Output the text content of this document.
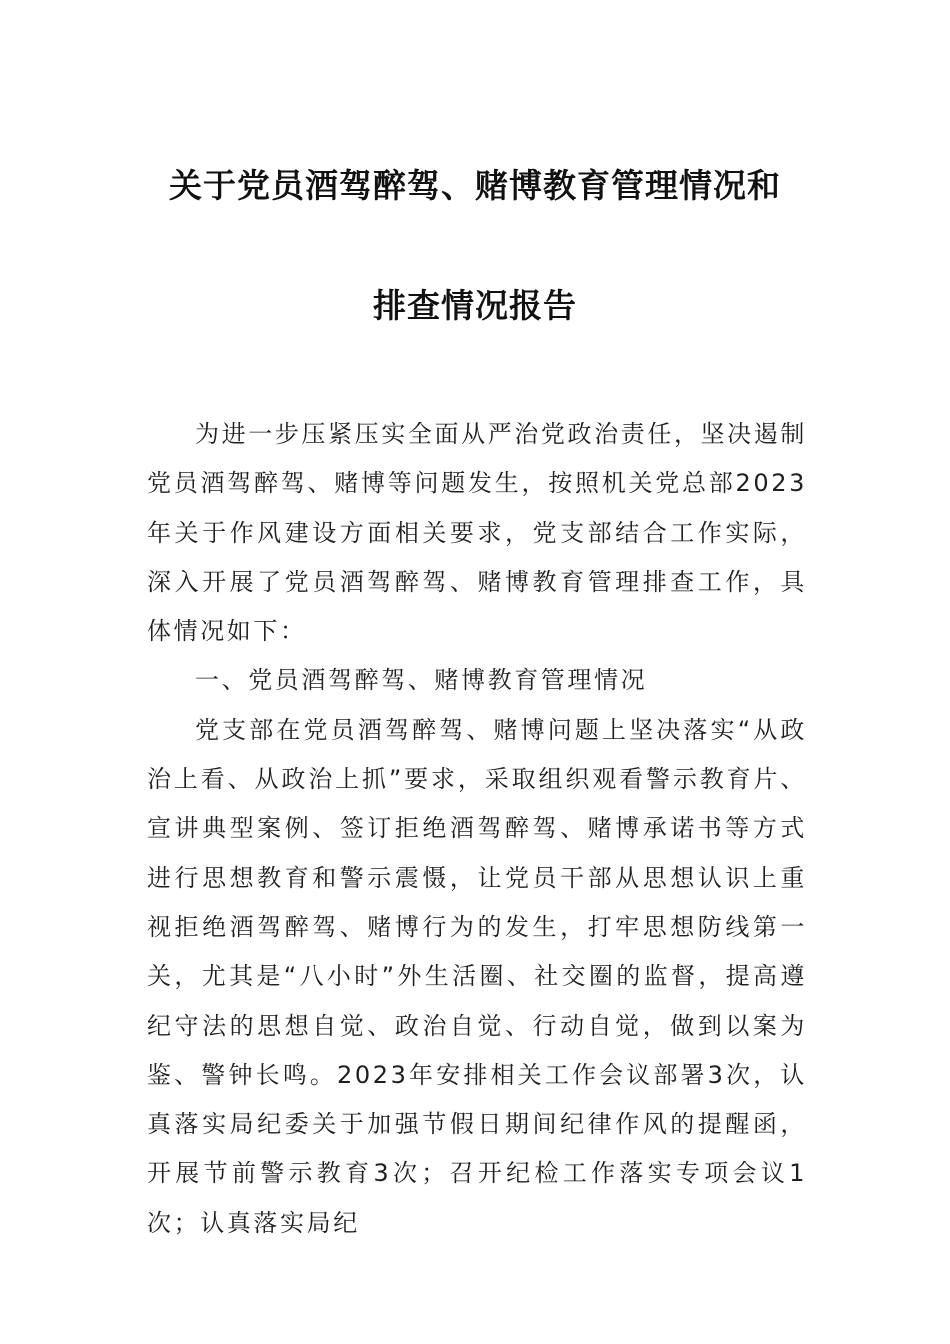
关于党员酒驾醉驾、赌博教育管理情况和
排查情况报告

为进一步压紧压实全面从严治党政治责任，坚决遏制党员酒驾醉驾、赌博等问题发生，按照机关党总部2023年关于作风建设方面相关要求，党支部结合工作实际，深入开展了党员酒驾醉驾、赌博教育管理排查工作，具体情况如下：

一、党员酒驾醉驾、赌博教育管理情况

党支部在党员酒驾醉驾、赌博问题上坚决落实“从政治上看、从政治上抓”要求，采取组织观看警示教育片、宣讲典型案例、签订拒绝酒驾醉驾、赌博承诺书等方式进行思想教育和警示震慑，让党员干部从思想认识上重视拒绝酒驾醉驾、赌博行为的发生，打牢思想防线第一关，尤其是“八小时”外生活圈、社交圈的监督，提高遵纪守法的思想自觉、政治自觉、行动自觉，做到以案为鉴、警钟长鸣。2023年安排相关工作会议部署3次，认真落实局纪委关于加强节假日期间纪律作风的提醒函，开展节前警示教育3次；召开纪检工作落实专项会议1次；认真落实局纪
